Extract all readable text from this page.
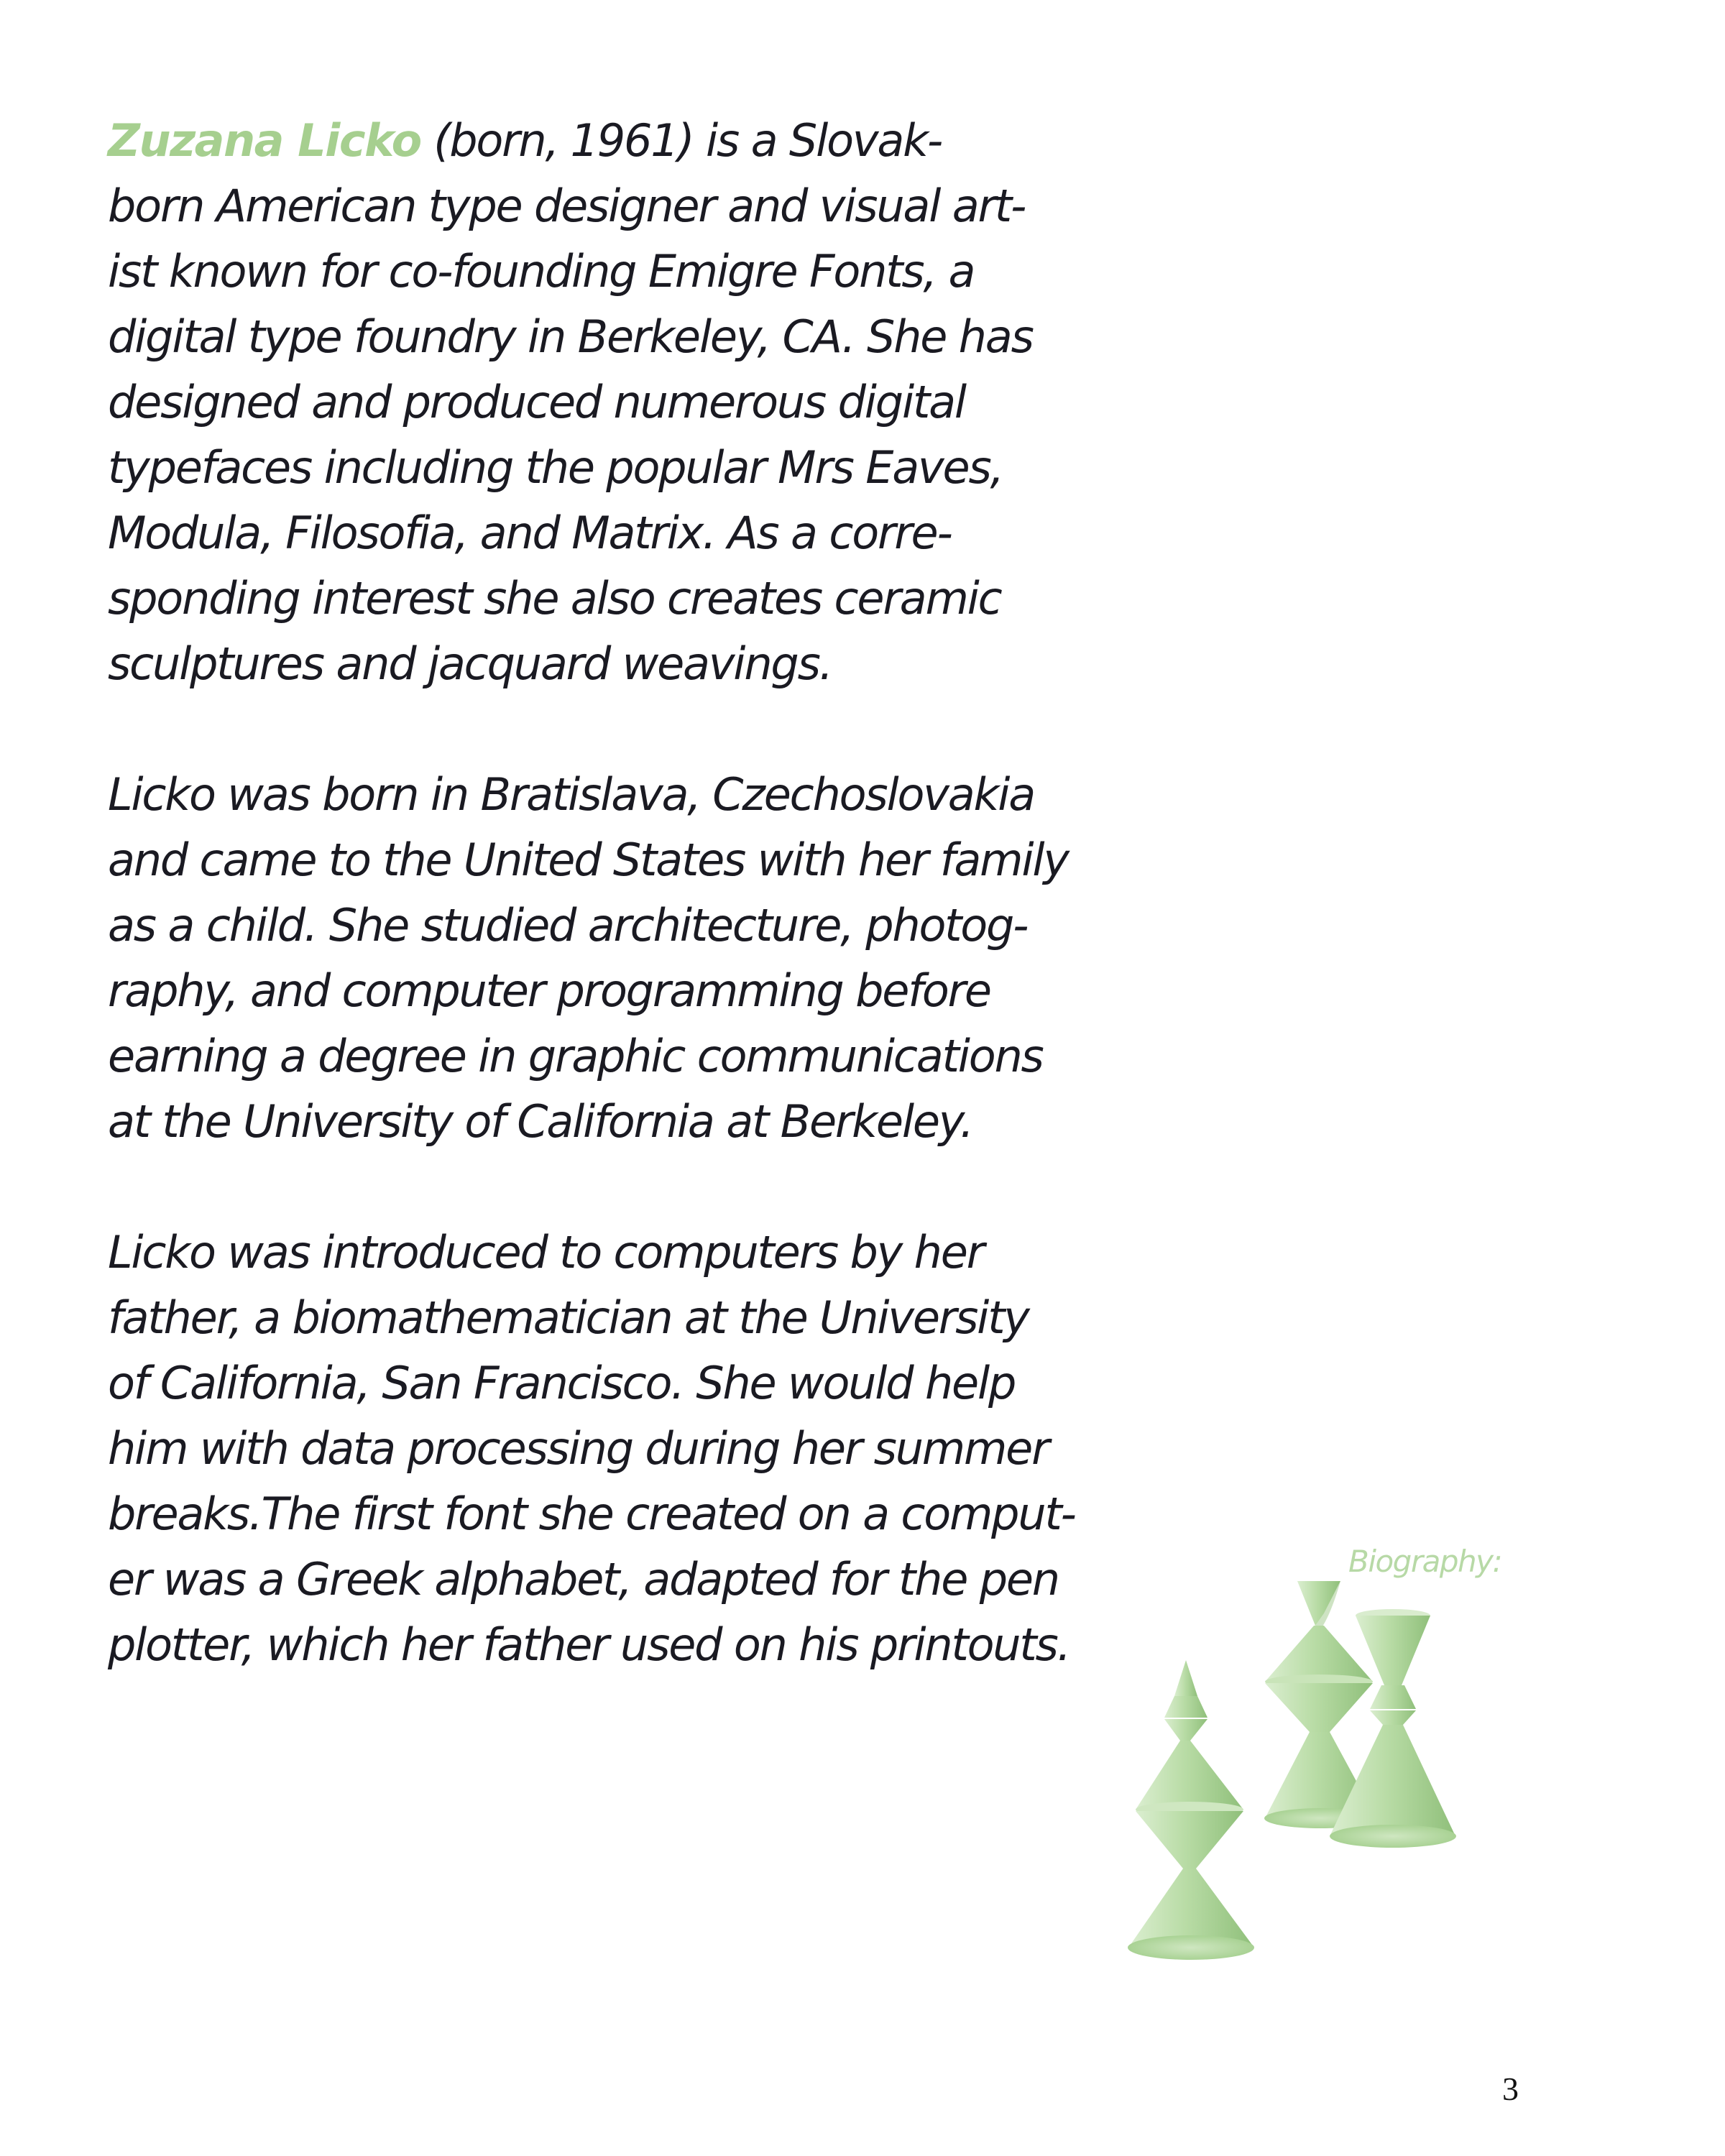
Zuzana Licko (born, 1961) is a Slovak-
born American type designer and visual art-
ist known for co-founding Emigre Fonts, a
digital type foundry in Berkeley, CA. She has
designed and produced numerous digital
typefaces including the popular Mrs Eaves,
Modula, Filosofia, and Matrix. As a corre-
sponding interest she also creates ceramic
sculptures and jacquard weavings.

Licko was born in Bratislava, Czechoslovakia
and came to the United States with her family
as a child. She studied architecture, photog-
raphy, and computer programming before
earning a degree in graphic communications
at the University of California at Berkeley.

Licko was introduced to computers by her
father, a biomathematician at the University
of California, San Francisco. She would help
him with data processing during her summer
breaks.The first font she created on a comput-
er was a Greek alphabet, adapted for the pen
plotter, which her father used on his printouts.

Biography:
3
